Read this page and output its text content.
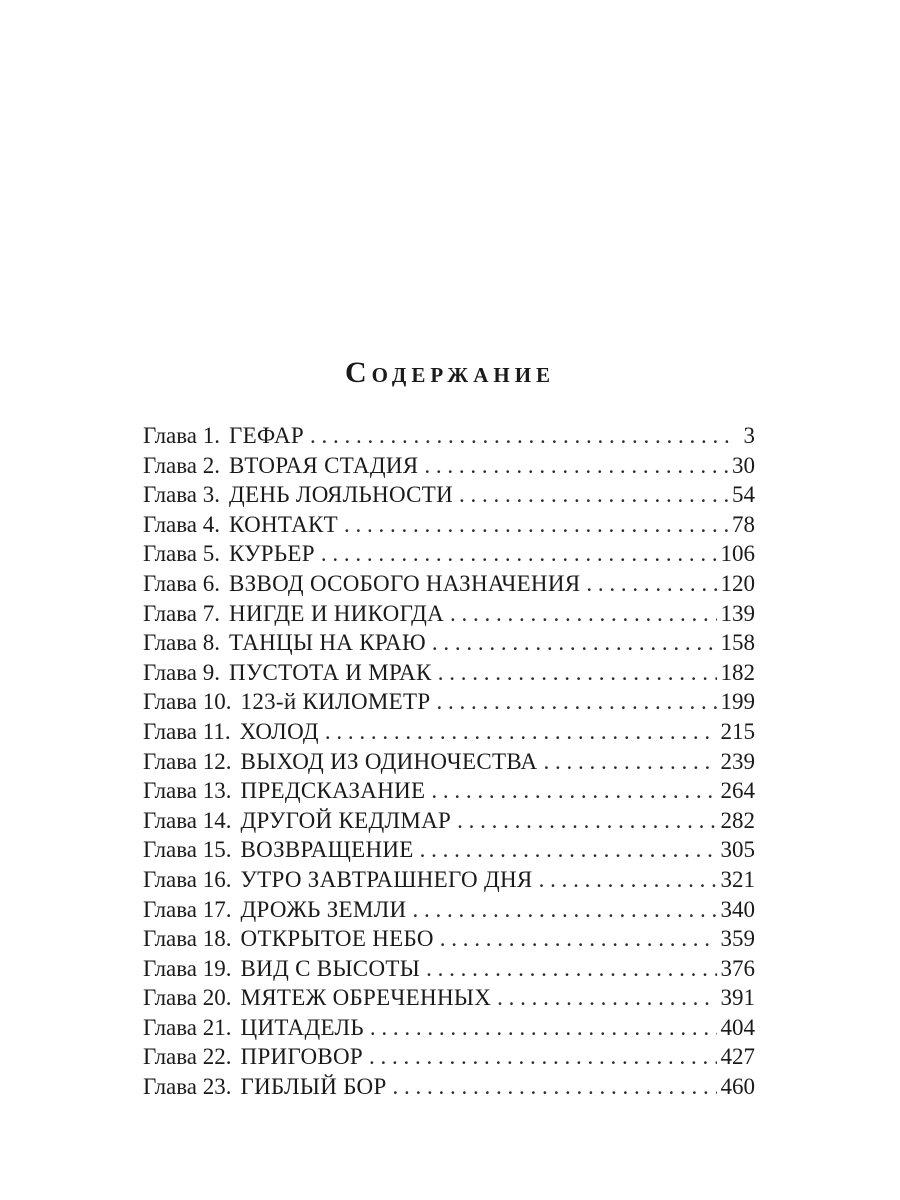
Содержание
Глава 1. ГЕФАР . . .	3
Глава 2. ВТОРАЯ СТАДИЯ . . .	30
Глава 3. ДЕНЬ ЛОЯЛЬНОСТИ . . .	54
Глава 4. КОНТАКТ . . .	78
Глава 5. КУРЬЕР . . .	106
Глава 6. ВЗВОД ОСОБОГО НАЗНАЧЕНИЯ . . .	120
Глава 7. НИГДЕ И НИКОГДА . . .	139
Глава 8. ТАНЦЫ НА КРАЮ . . .	158
Глава 9. ПУСТОТА И МРАК . . .	182
Глава 10. 123-й КИЛОМЕТР . . .	199
Глава 11. ХОЛОД . . .	215
Глава 12. ВЫХОД ИЗ ОДИНОЧЕСТВА . . .	239
Глава 13. ПРЕДСКАЗАНИЕ . . .	264
Глава 14. ДРУГОЙ КЕДЛМАР . . .	282
Глава 15. ВОЗВРАЩЕНИЕ . . .	305
Глава 16. УТРО ЗАВТРАШНЕГО ДНЯ . . .	321
Глава 17. ДРОЖЬ ЗЕМЛИ . . .	340
Глава 18. ОТКРЫТОЕ НЕБО . . .	359
Глава 19. ВИД С ВЫСОТЫ . . .	376
Глава 20. МЯТЕЖ ОБРЕЧЕННЫХ . . .	391
Глава 21. ЦИТАДЕЛЬ . . .	404
Глава 22. ПРИГОВОР . . .	427
Глава 23. ГИБЛЫЙ БОР . . .	460
